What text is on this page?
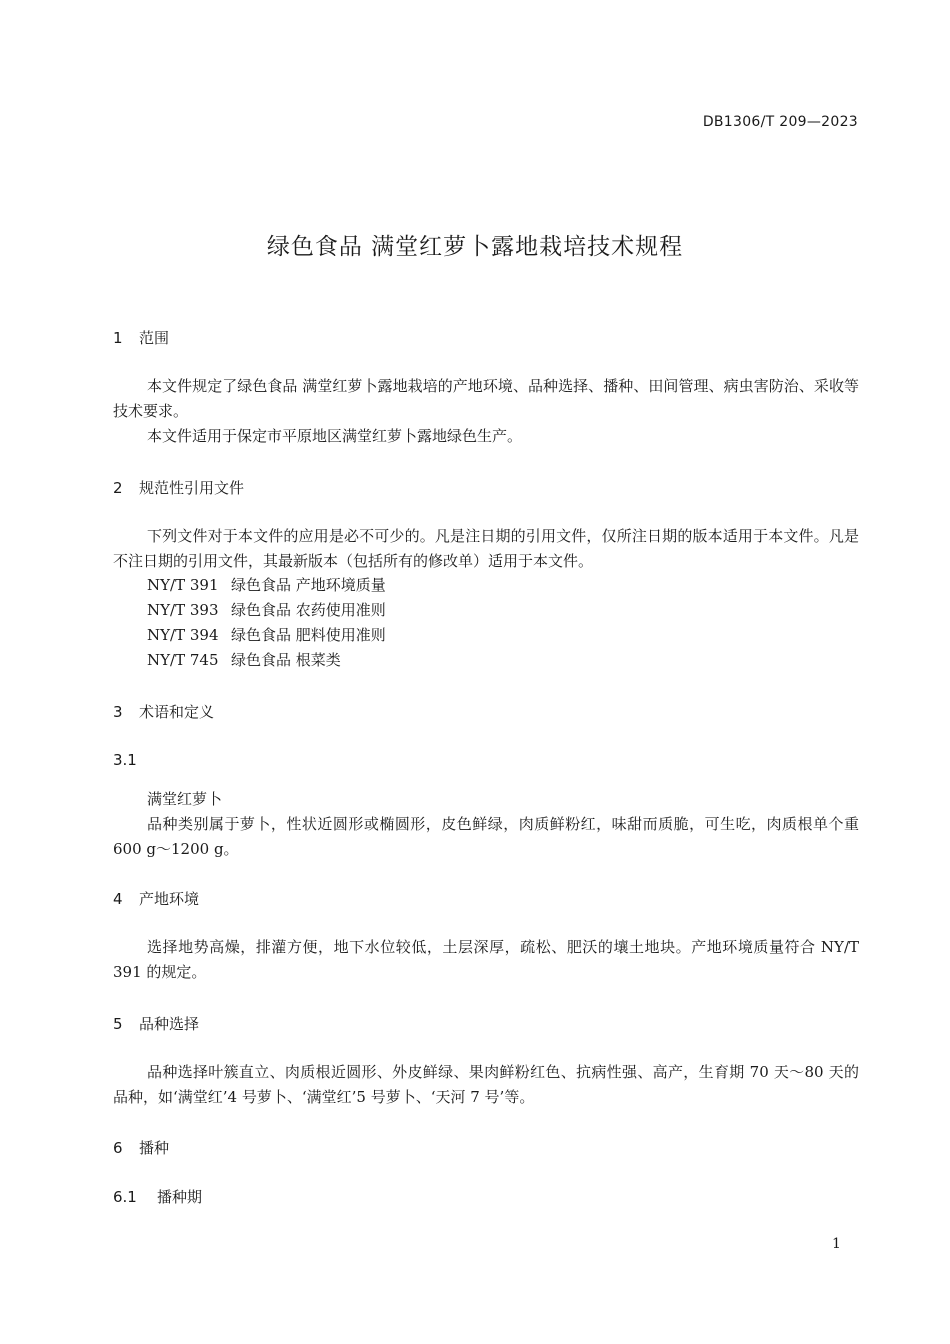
DB1306/T 209—2023
绿色食品 满堂红萝卜露地栽培技术规程
1 范围

本文件规定了绿色食品 满堂红萝卜露地栽培的产地环境、品种选择、播种、田间管理、病虫害防治、采收等技术要求。

本文件适用于保定市平原地区满堂红萝卜露地绿色生产。

2 规范性引用文件

下列文件对于本文件的应用是必不可少的。凡是注日期的引用文件，仅所注日期的版本适用于本文件。凡是不注日期的引用文件，其最新版本（包括所有的修改单）适用于本文件。

NY/T 391 绿色食品 产地环境质量
NY/T 393 绿色食品 农药使用准则
NY/T 394 绿色食品 肥料使用准则
NY/T 745 绿色食品 根菜类
3 术语和定义
3.1
满堂红萝卜

品种类别属于萝卜，性状近圆形或椭圆形，皮色鲜绿，肉质鲜粉红，味甜而质脆，可生吃，肉质根单个重 600 g～1200 g。

4 产地环境

选择地势高燥，排灌方便，地下水位较低，土层深厚，疏松、肥沃的壤土地块。产地环境质量符合 NY/T 391 的规定。

5 品种选择

品种选择叶簇直立、肉质根近圆形、外皮鲜绿、果肉鲜粉红色、抗病性强、高产，生育期 70 天～80 天的品种，如‘满堂红’4 号萝卜、‘满堂红’5 号萝卜、‘天河 7 号’等。

6 播种
6.1 播种期
1
